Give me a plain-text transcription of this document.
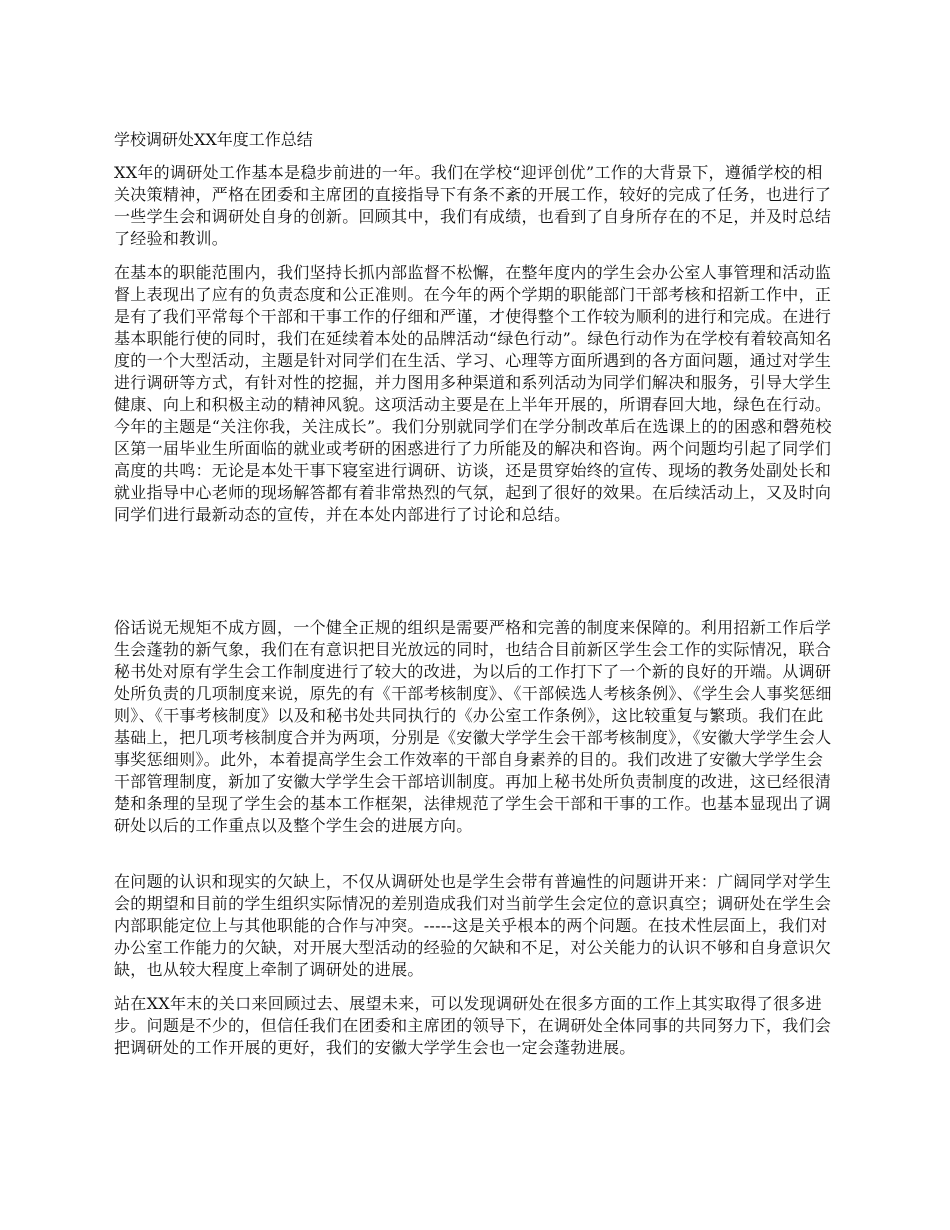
学校调研处XX年度工作总结

XX年的调研处工作基本是稳步前进的一年。我们在学校“迎评创优”工作的大背景下，遵循学校的相关决策精神，严格在团委和主席团的直接指导下有条不紊的开展工作，较好的完成了任务，也进行了一些学生会和调研处自身的创新。回顾其中，我们有成绩，也看到了自身所存在的不足，并及时总结了经验和教训。

在基本的职能范围内，我们坚持长抓内部监督不松懈，在整年度内的学生会办公室人事管理和活动监督上表现出了应有的负责态度和公正准则。在今年的两个学期的职能部门干部考核和招新工作中，正是有了我们平常每个干部和干事工作的仔细和严谨，才使得整个工作较为顺利的进行和完成。在进行基本职能行使的同时，我们在延续着本处的品牌活动“绿色行动”。绿色行动作为在学校有着较高知名度的一个大型活动，主题是针对同学们在生活、学习、心理等方面所遇到的各方面问题，通过对学生进行调研等方式，有针对性的挖掘，并力图用多种渠道和系列活动为同学们解决和服务，引导大学生健康、向上和积极主动的精神风貌。这项活动主要是在上半年开展的，所谓春回大地，绿色在行动。今年的主题是“关注你我，关注成长”。我们分别就同学们在学分制改革后在选课上的的困惑和磬苑校区第一届毕业生所面临的就业或考研的困惑进行了力所能及的解决和咨询。两个问题均引起了同学们高度的共鸣：无论是本处干事下寝室进行调研、访谈，还是贯穿始终的宣传、现场的教务处副处长和就业指导中心老师的现场解答都有着非常热烈的气氛，起到了很好的效果。在后续活动上，又及时向同学们进行最新动态的宣传，并在本处内部进行了讨论和总结。

俗话说无规矩不成方圆，一个健全正规的组织是需要严格和完善的制度来保障的。利用招新工作后学生会蓬勃的新气象，我们在有意识把目光放远的同时，也结合目前新区学生会工作的实际情况，联合秘书处对原有学生会工作制度进行了较大的改进，为以后的工作打下了一个新的良好的开端。从调研处所负责的几项制度来说，原先的有《干部考核制度》、《干部候选人考核条例》、《学生会人事奖惩细则》、《干事考核制度》以及和秘书处共同执行的《办公室工作条例》，这比较重复与繁琐。我们在此基础上，把几项考核制度合并为两项，分别是《安徽大学学生会干部考核制度》，《安徽大学学生会人事奖惩细则》。此外，本着提高学生会工作效率的干部自身素养的目的。我们改进了安徽大学学生会干部管理制度，新加了安徽大学学生会干部培训制度。再加上秘书处所负责制度的改进，这已经很清楚和条理的呈现了学生会的基本工作框架，法律规范了学生会干部和干事的工作。也基本显现出了调研处以后的工作重点以及整个学生会的进展方向。

在问题的认识和现实的欠缺上，不仅从调研处也是学生会带有普遍性的问题讲开来：广阔同学对学生会的期望和目前的学生组织实际情况的差别造成我们对当前学生会定位的意识真空；调研处在学生会内部职能定位上与其他职能的合作与冲突。-----这是关乎根本的两个问题。在技术性层面上，我们对办公室工作能力的欠缺，对开展大型活动的经验的欠缺和不足，对公关能力的认识不够和自身意识欠缺，也从较大程度上牵制了调研处的进展。

站在XX年末的关口来回顾过去、展望未来，可以发现调研处在很多方面的工作上其实取得了很多进步。问题是不少的，但信任我们在团委和主席团的领导下，在调研处全体同事的共同努力下，我们会把调研处的工作开展的更好，我们的安徽大学学生会也一定会蓬勃进展。
